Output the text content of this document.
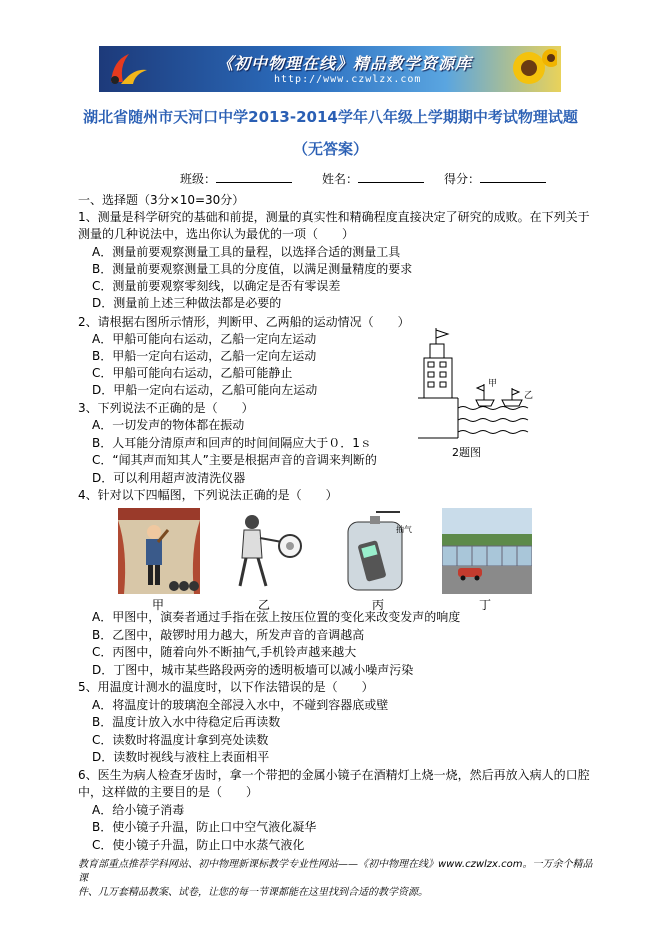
《初中物理在线》精品教学资源库
http://www.czwlzx.com
湖北省随州市天河口中学2013-2014学年八年级上学期期中考试物理试题
（无答案）
班级：	姓名：	得分：
一、选择题（3分×10=30分）
1、测量是科学研究的基础和前提，测量的真实性和精确程度直接决定了研究的成败。在下列关于
测量的几种说法中，选出你认为最优的一项（　　）
A．测量前要观察测量工具的量程，以选择合适的测量工具
B．测量前要观察测量工具的分度值，以满足测量精度的要求
C．测量前要观察零刻线，以确定是否有零误差
D．测量前上述三种做法都是必要的
2、请根据右图所示情形，判断甲、乙两船的运动情况（　　）
A．甲船可能向右运动，乙船一定向左运动
B．甲船一定向右运动，乙船一定向左运动
C．甲船可能向右运动，乙船可能静止
D．甲船一定向右运动，乙船可能向左运动	甲
乙
2题图
3、下列说法不正确的是（　　）
A．一切发声的物体都在振动
B．人耳能分清原声和回声的时间间隔应大于０．1ｓ
C．“闻其声而知其人”主要是根据声音的音调来判断的
D．可以利用超声波清洗仪器
4、针对以下四幅图，下列说法正确的是（　　）
抽气
甲	乙	丙	丁
A．甲图中，演奏者通过手指在弦上按压位置的变化来改变发声的响度
B．乙图中，敲锣时用力越大，所发声音的音调越高
C．丙图中，随着向外不断抽气,手机铃声越来越大
D．丁图中，城市某些路段两旁的透明板墙可以减小噪声污染
5、用温度计测水的温度时，以下作法错误的是（　　）
A．将温度计的玻璃泡全部浸入水中，不碰到容器底或壁
B．温度计放入水中待稳定后再读数
C．读数时将温度计拿到亮处读数
D．读数时视线与液柱上表面相平
6、医生为病人检查牙齿时，拿一个带把的金属小镜子在酒精灯上烧一烧，然后再放入病人的口腔
中，这样做的主要目的是（　　）
A．给小镜子消毒
B．使小镜子升温，防止口中空气液化凝华
C．使小镜子升温，防止口中水蒸气液化
教育部重点推荐学科网站、初中物理新课标教学专业性网站——《初中物理在线》www.czwlzx.com。一万余个精品课
件、几万套精品教案、试卷，让您的每一节课都能在这里找到合适的教学资源。
